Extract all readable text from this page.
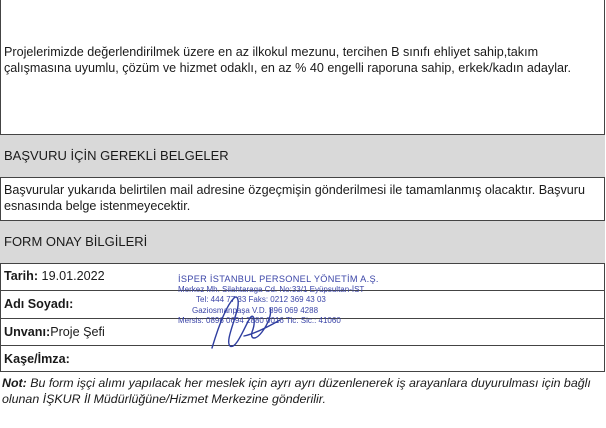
Projelerimizde değerlendirilmek üzere en az ilkokul mezunu, tercihen B sınıfı ehliyet sahip,takım çalışmasına uyumlu, çözüm ve hizmet odaklı, en az % 40 engelli raporuna sahip, erkek/kadın adaylar.
BAŞVURU İÇİN GEREKLİ BELGELER
Başvurular yukarıda belirtilen mail adresine özgeçmişin gönderilmesi ile tamamlanmış olacaktır. Başvuru esnasında belge istenmeyecektir.
FORM ONAY BİLGİLERİ
Tarih: 19.01.2022
Adı Soyadı:
Unvanı:Proje Şefi
Kaşe/İmza:
İSPER İSTANBUL PERSONEL YÖNETİM A.Ş.
Merkez Mh. Silahtaraga Cd. No:33/1 Eyüpsultan-İST
Tel: 444 77 33 Faks: 0212 369 43 03
Gaziosmanpaşa V.D. 896 069 4288
Mersis: 0896 0694 2880 0016 Tic. Sic.: 41060
Not: Bu form işçi alımı yapılacak her meslek için ayrı ayrı düzenlenerek iş arayanlara duyurulması için bağlı olunan İŞKUR İl Müdürlüğüne/Hizmet Merkezine gönderilir.
